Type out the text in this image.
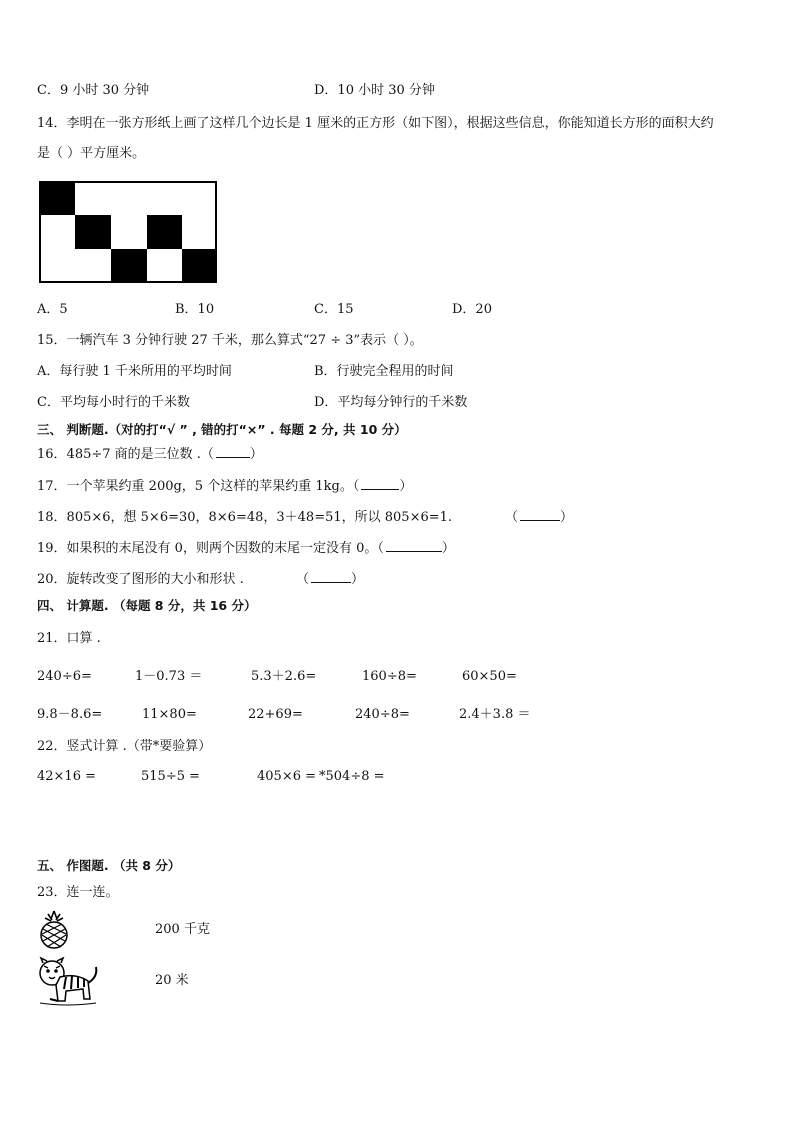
C．9 小时 30 分钟	D．10 小时 30 分钟
14．李明在一张方形纸上画了这样几个边长是 1 厘米的正方形（如下图），根据这些信息，你能知道长方形的面积大约
是（ ）平方厘米。
A．5	B．10	C．15	D．20
15．一辆汽车 3 分钟行驶 27 千米，那么算式“27 ÷ 3”表示（ ）。
A．每行驶 1 千米所用的平均时间	B．行驶完全程用的时间
C．平均每小时行的千米数	D．平均每分钟行的千米数
三、 判断题.（对的打“√ ” , 错的打“×” . 每题 2 分, 共 10 分）
16．485÷7 商的是三位数 .（	）
17．一个苹果约重 200g，5 个这样的苹果约重 1kg。（	）
18．805×6，想 5×6=30，8×6=48，3＋48=51，所以 805×6=1.	（	）
19．如果积的末尾没有 0，则两个因数的末尾一定没有 0。（	）
20．旋转改变了图形的大小和形状 .	（	）
四、 计算题. （每题 8 分，共 16 分）
21．口算 .
240÷6=	1－0.73 ＝	5.3＋2.6=	160÷8=	60×50=
9.8－8.6=	11×80=	22+69=	240÷8=	2.4＋3.8 ＝
22．竖式计算 .（带*要验算）
42×16 =	515÷5 =	405×6 = *504÷8 =
五、 作图题. （共 8 分）
23．连一连。
200 千克
20 米
